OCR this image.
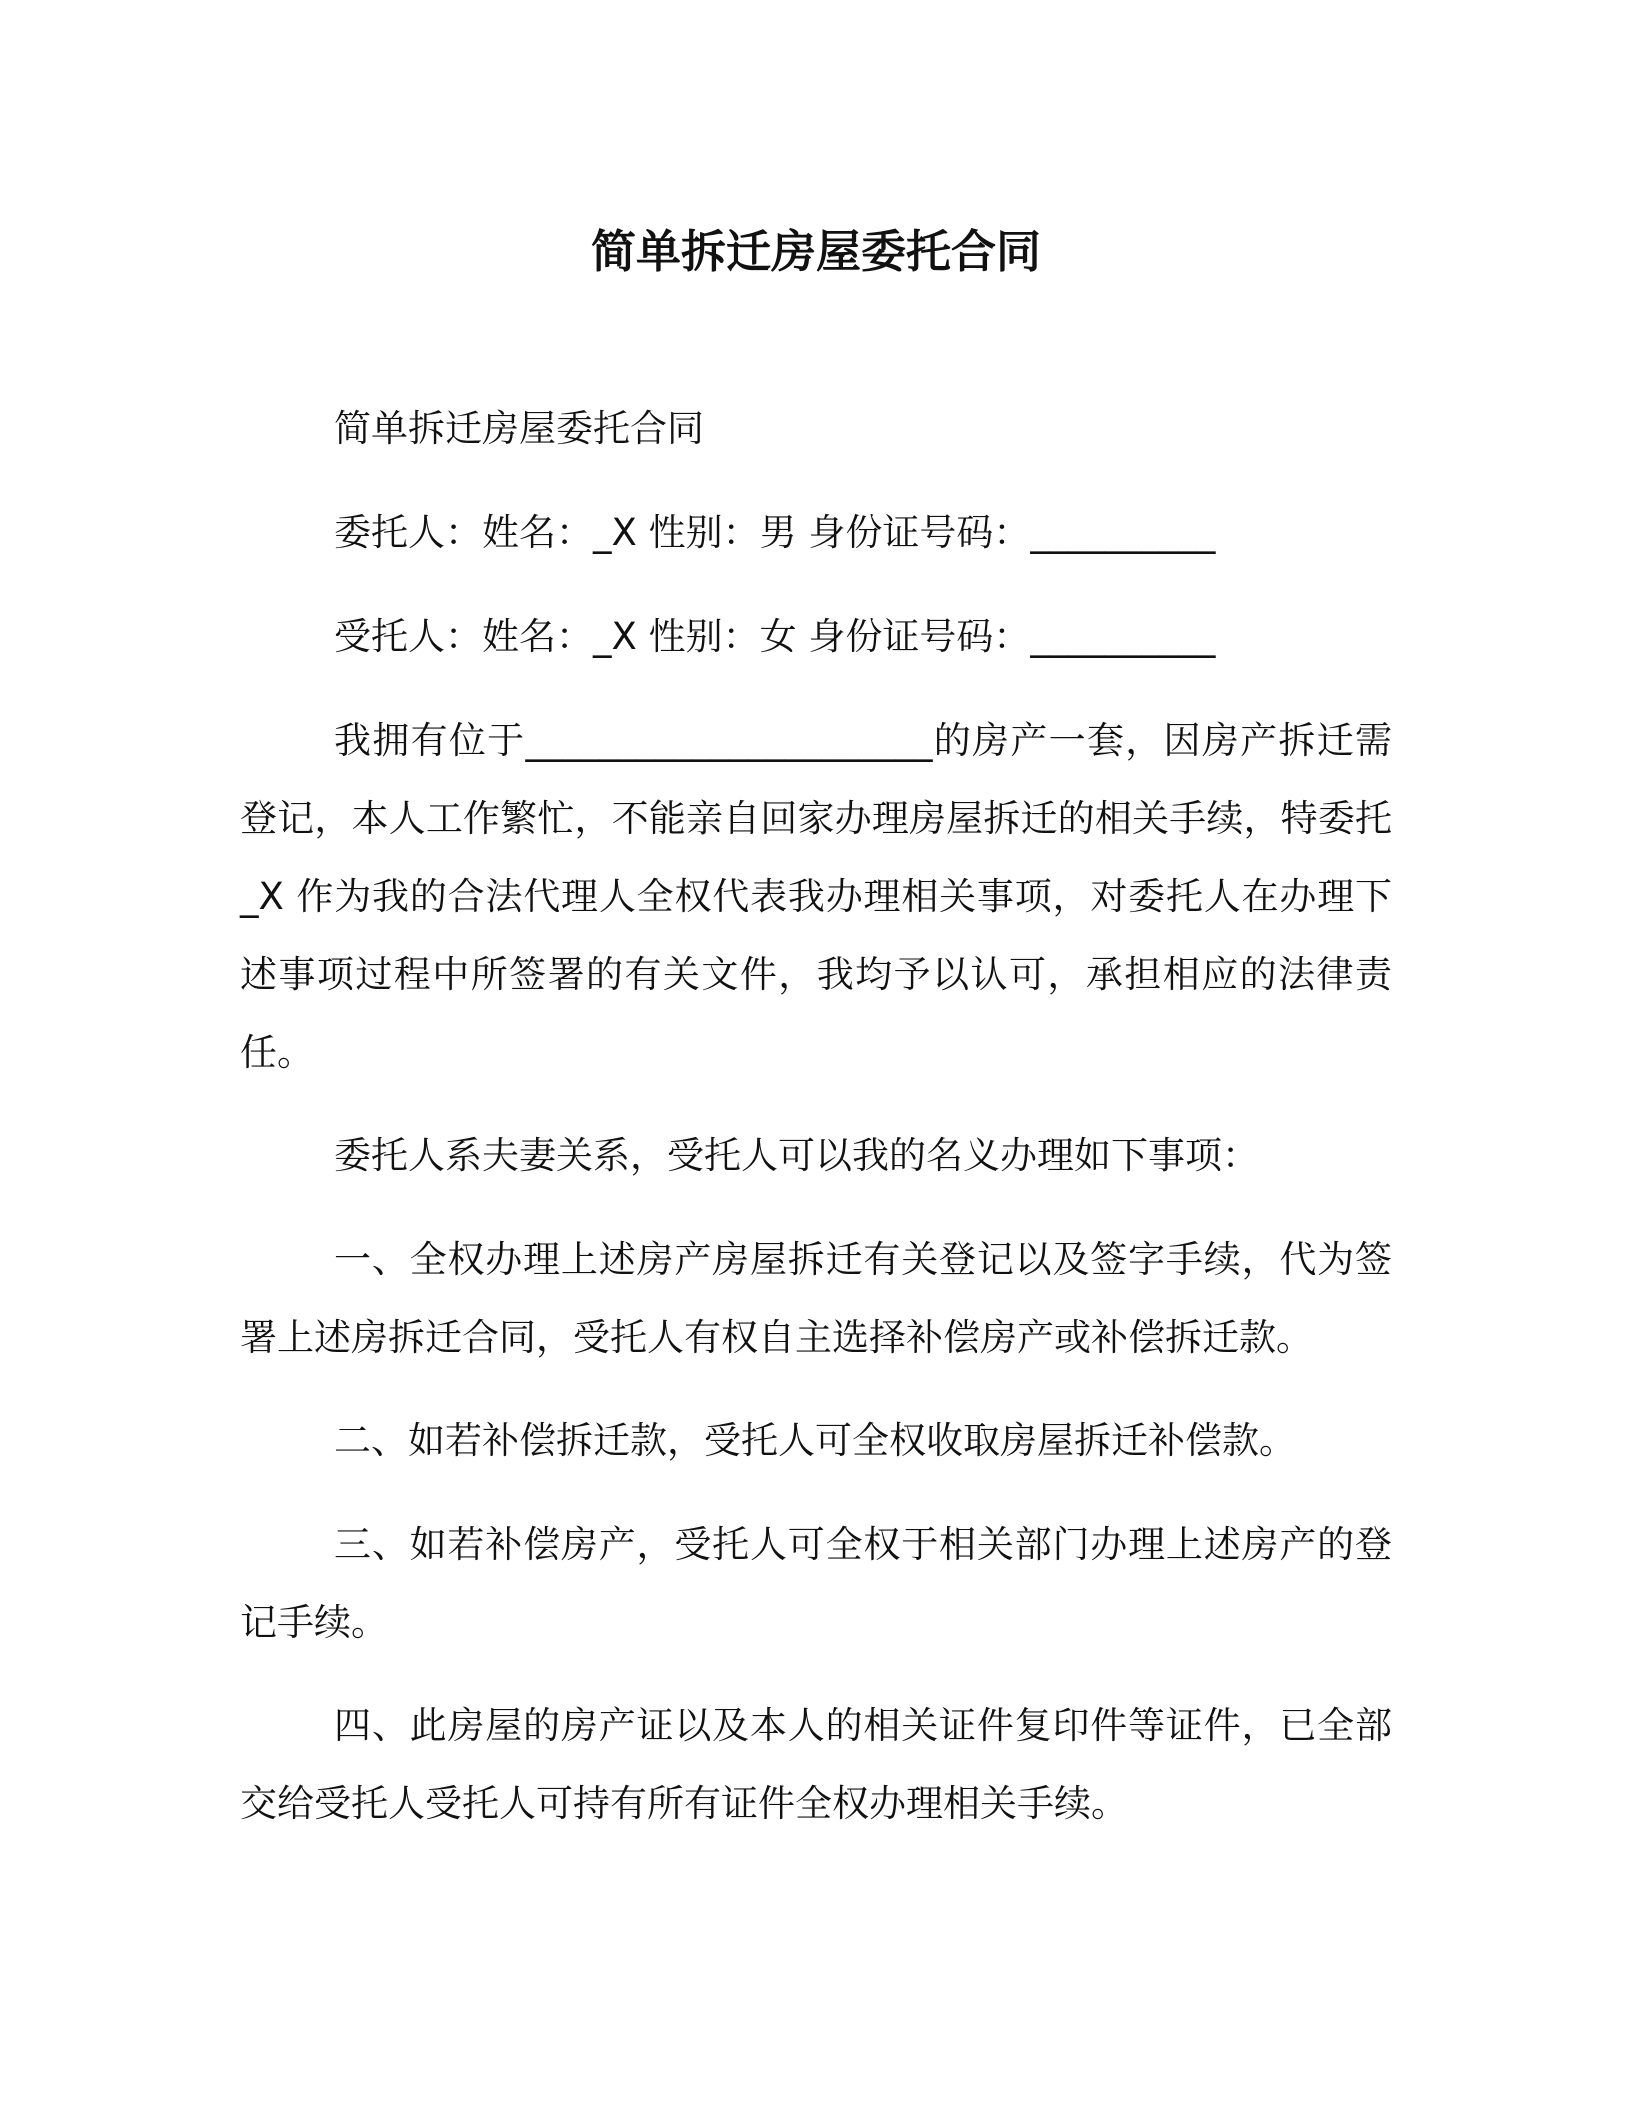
简单拆迁房屋委托合同

简单拆迁房屋委托合同

委托人：姓名：_X 性别：男 身份证号码：__________

受托人：姓名：_X 性别：女 身份证号码：__________

我拥有位于______________________的房产一套，因房产拆迁需登记，本人工作繁忙，不能亲自回家办理房屋拆迁的相关手续，特委托_X 作为我的合法代理人全权代表我办理相关事项，对委托人在办理下述事项过程中所签署的有关文件，我均予以认可，承担相应的法律责任。

委托人系夫妻关系，受托人可以我的名义办理如下事项：

一、全权办理上述房产房屋拆迁有关登记以及签字手续，代为签署上述房拆迁合同，受托人有权自主选择补偿房产或补偿拆迁款。

二、如若补偿拆迁款，受托人可全权收取房屋拆迁补偿款。

三、如若补偿房产，受托人可全权于相关部门办理上述房产的登记手续。

四、此房屋的房产证以及本人的相关证件复印件等证件，已全部交给受托人受托人可持有所有证件全权办理相关手续。
